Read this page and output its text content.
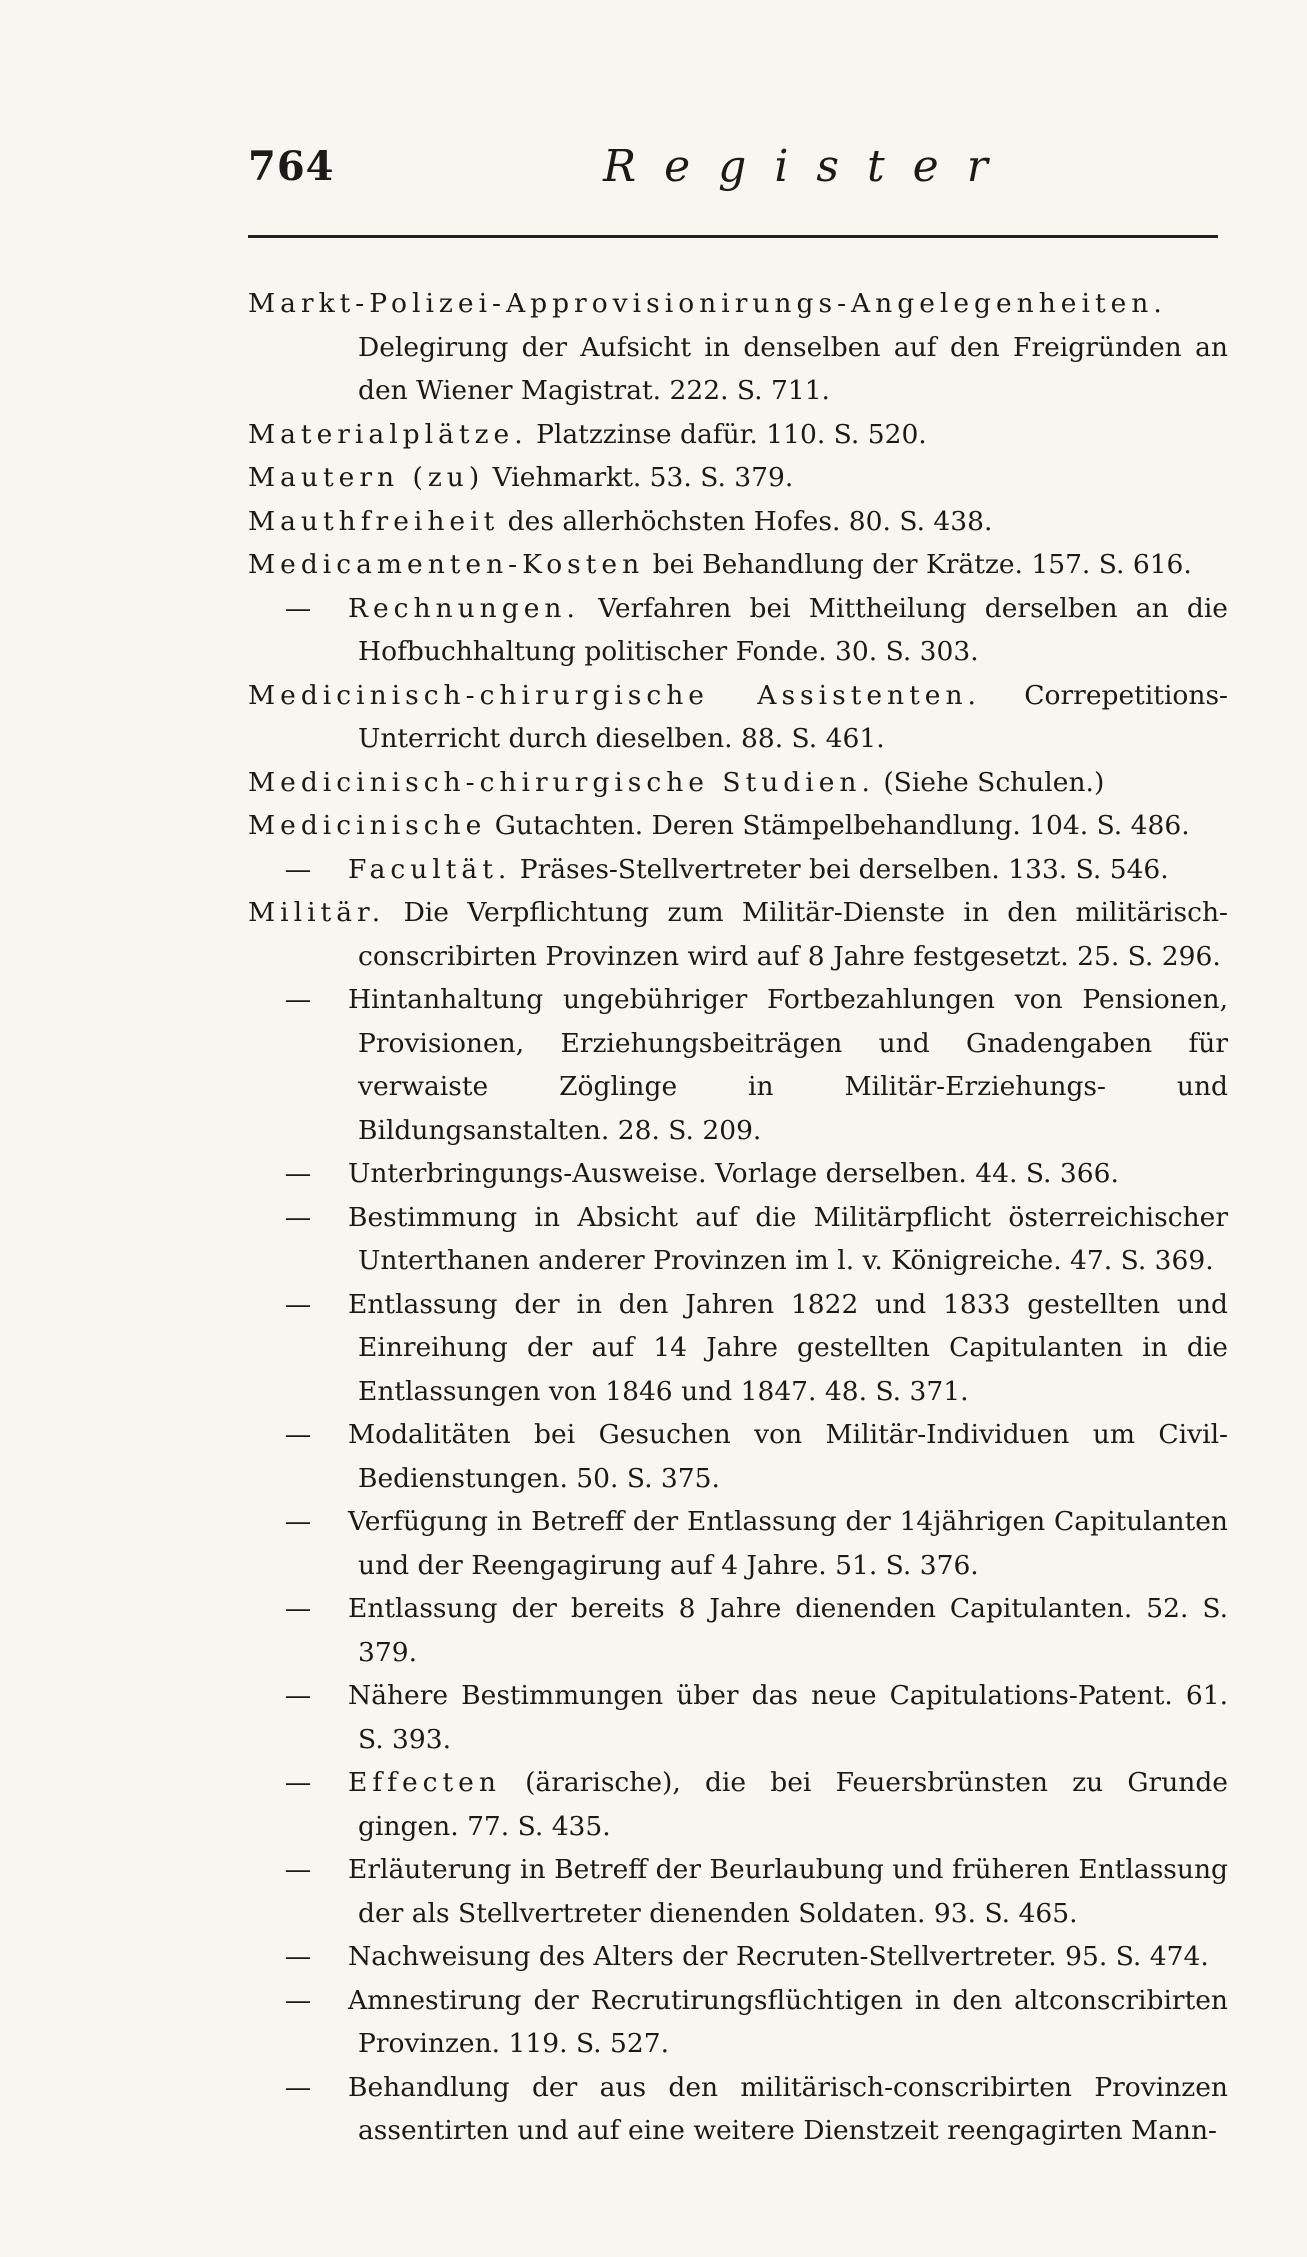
764	Register
Markt-Polizei-Approvisionirungs-Angelegenheiten. Delegirung der Aufsicht in denselben auf den Freigründen an den Wiener Magistrat. 222. S. 711.
Materialplätze. Platzzinse dafür. 110. S. 520.
Mautern (zu) Viehmarkt. 53. S. 379.
Mauthfreiheit des allerhöchsten Hofes. 80. S. 438.
Medicamenten-Kosten bei Behandlung der Krätze. 157. S. 616.
— Rechnungen. Verfahren bei Mittheilung derselben an die Hofbuchhaltung politischer Fonde. 30. S. 303.
Medicinisch-chirurgische Assistenten. Correpetitions-Unterricht durch dieselben. 88. S. 461.
Medicinisch-chirurgische Studien. (Siehe Schulen.)
Medicinische Gutachten. Deren Stämpelbehandlung. 104. S. 486.
— Facultät. Präses-Stellvertreter bei derselben. 133. S. 546.
Militär. Die Verpflichtung zum Militär-Dienste in den militärisch-conscribirten Provinzen wird auf 8 Jahre festgesetzt. 25. S. 296.
— Hintanhaltung ungebühriger Fortbezahlungen von Pensionen, Provisionen, Erziehungsbeiträgen und Gnadengaben für verwaiste Zöglinge in Militär-Erziehungs- und Bildungsanstalten. 28. S. 209.
— Unterbringungs-Ausweise. Vorlage derselben. 44. S. 366.
— Bestimmung in Absicht auf die Militärpflicht österreichischer Unterthanen anderer Provinzen im l. v. Königreiche. 47. S. 369.
— Entlassung der in den Jahren 1822 und 1833 gestellten und Einreihung der auf 14 Jahre gestellten Capitulanten in die Entlassungen von 1846 und 1847. 48. S. 371.
— Modalitäten bei Gesuchen von Militär-Individuen um Civil-Bedienstungen. 50. S. 375.
— Verfügung in Betreff der Entlassung der 14jährigen Capitulanten und der Reengagirung auf 4 Jahre. 51. S. 376.
— Entlassung der bereits 8 Jahre dienenden Capitulanten. 52. S. 379.
— Nähere Bestimmungen über das neue Capitulations-Patent. 61. S. 393.
— Effecten (ärarische), die bei Feuersbrünsten zu Grunde gingen. 77. S. 435.
— Erläuterung in Betreff der Beurlaubung und früheren Entlassung der als Stellvertreter dienenden Soldaten. 93. S. 465.
— Nachweisung des Alters der Recruten-Stellvertreter. 95. S. 474.
— Amnestirung der Recrutirungsflüchtigen in den altconscribirten Provinzen. 119. S. 527.
— Behandlung der aus den militärisch-conscribirten Provinzen assentirten und auf eine weitere Dienstzeit reengagirten Mann-
